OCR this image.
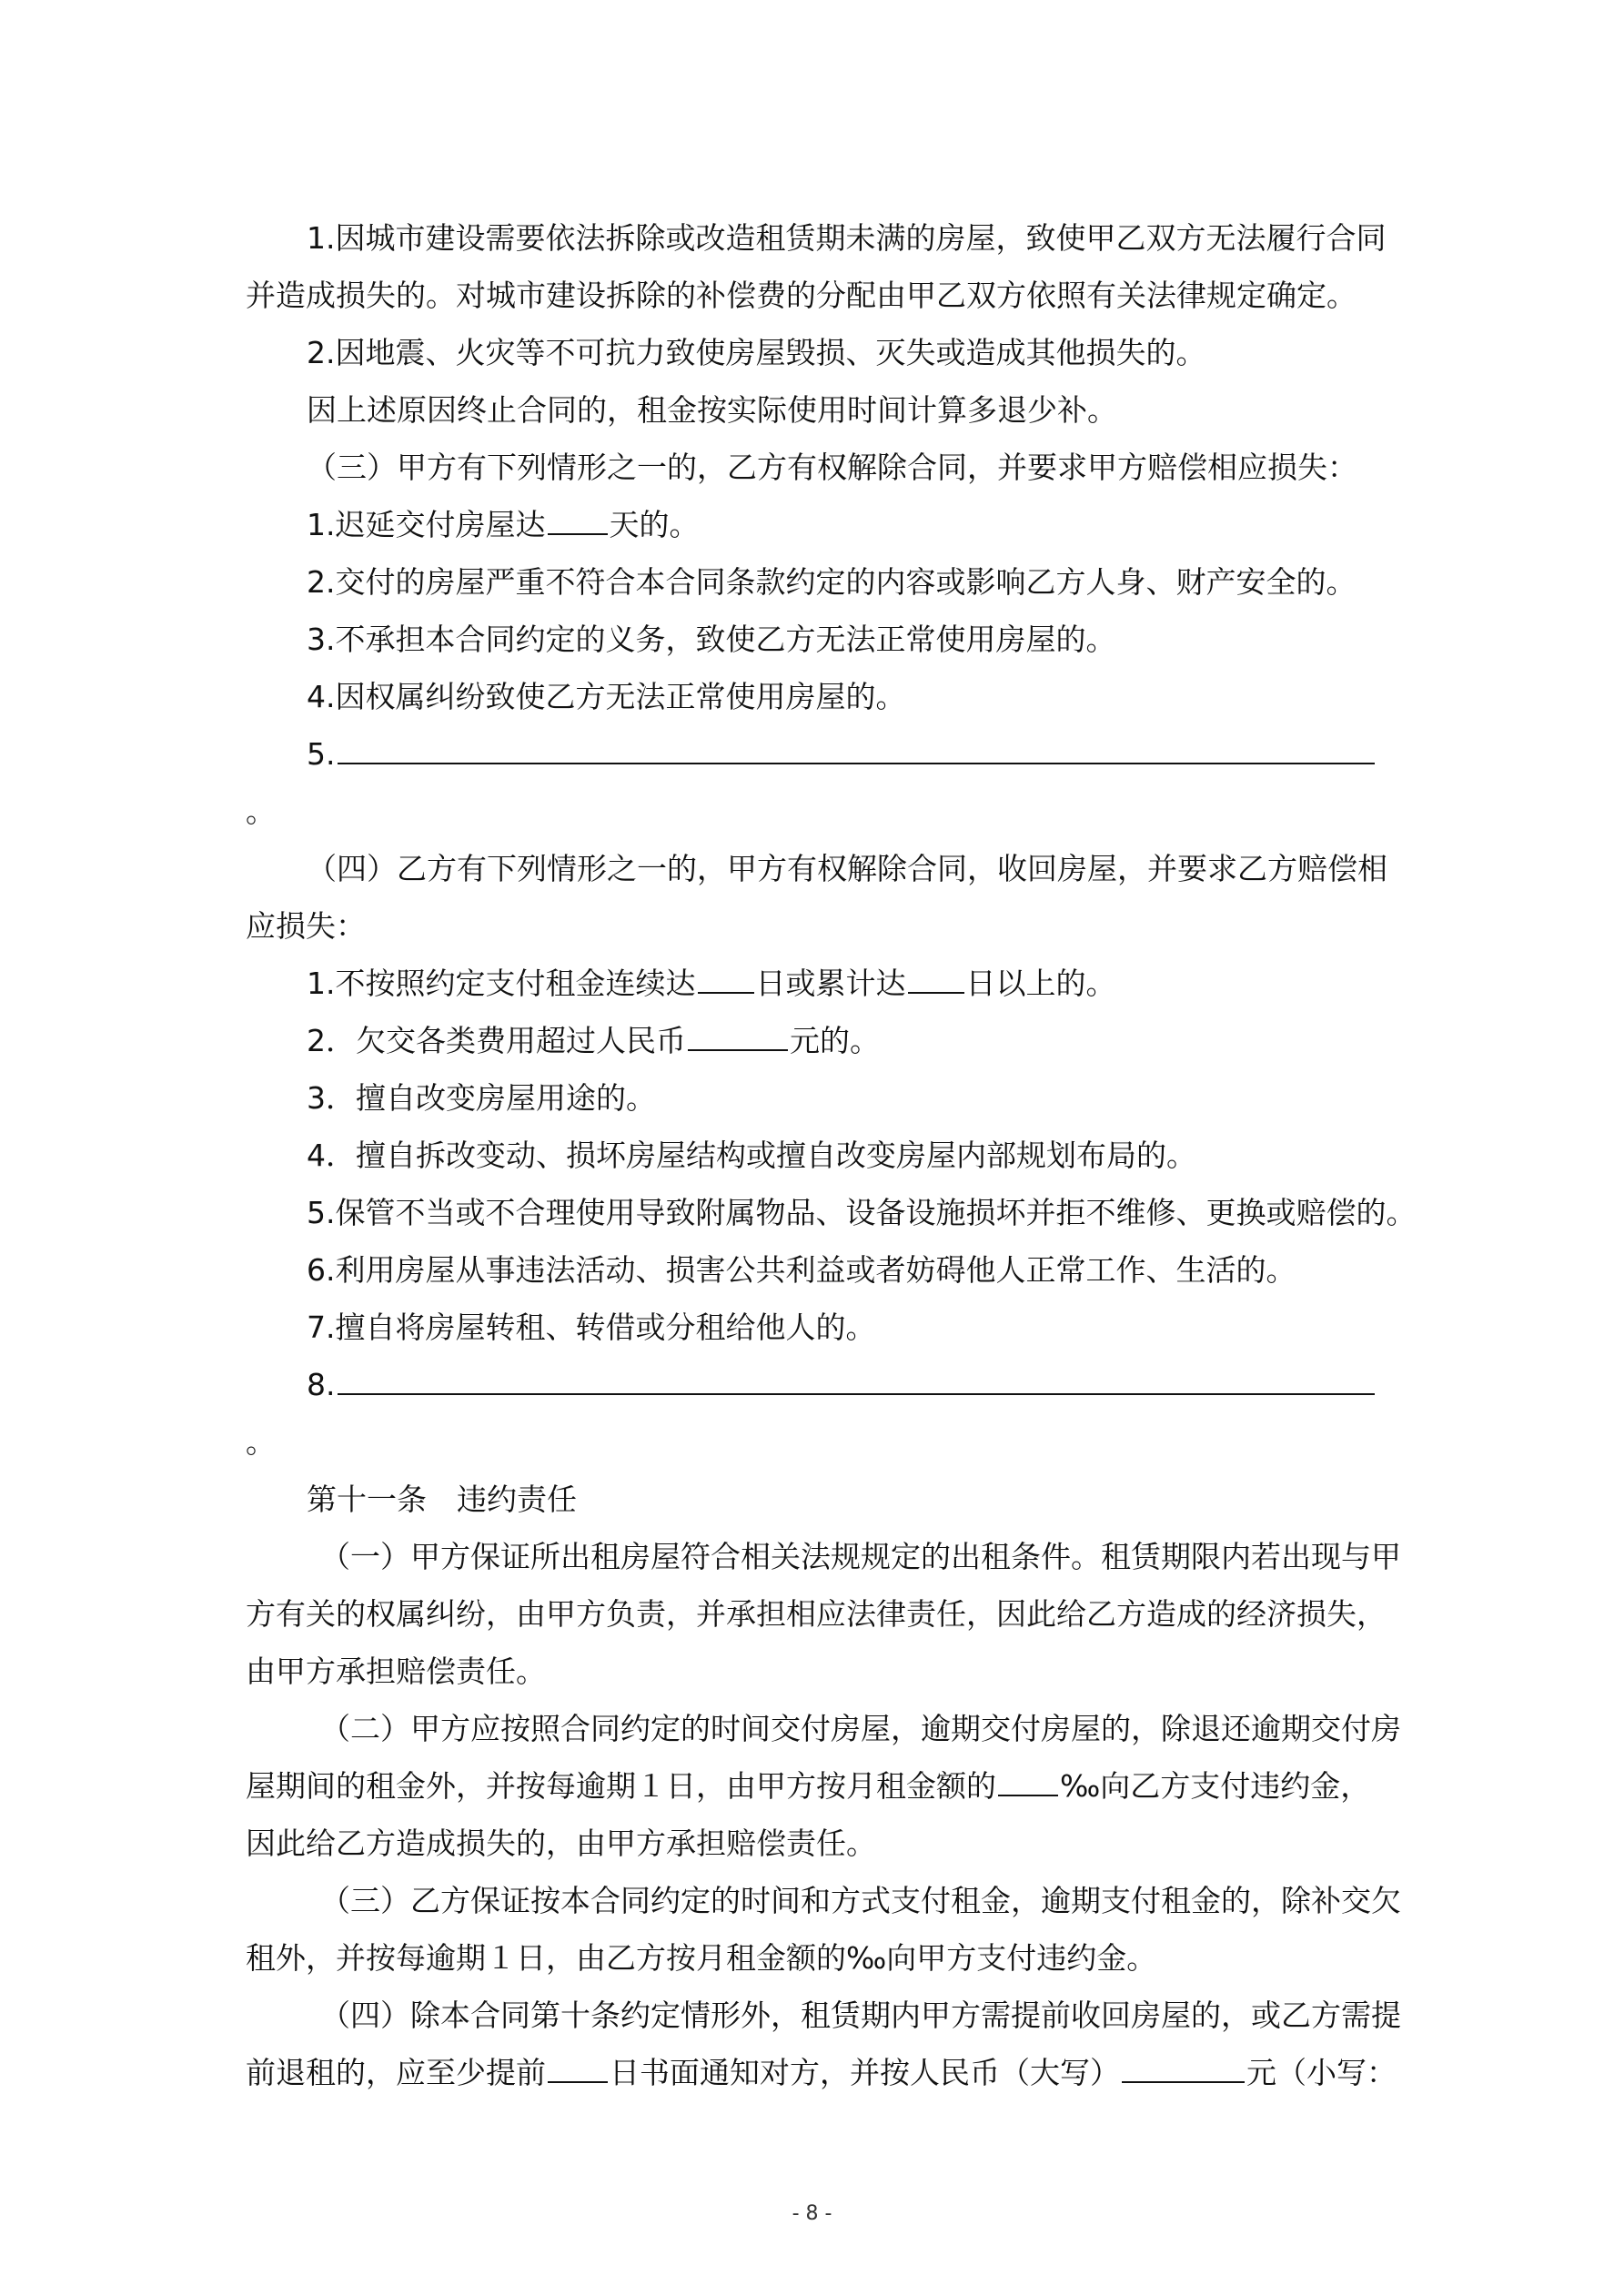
1.因城市建设需要依法拆除或改造租赁期未满的房屋，致使甲乙双方无法履行合同
并造成损失的。对城市建设拆除的补偿费的分配由甲乙双方依照有关法律规定确定。
2.因地震、火灾等不可抗力致使房屋毁损、灭失或造成其他损失的。
因上述原因终止合同的，租金按实际使用时间计算多退少补。
（三）甲方有下列情形之一的，乙方有权解除合同，并要求甲方赔偿相应损失：
1.迟延交付房屋达 天的。
2.交付的房屋严重不符合本合同条款约定的内容或影响乙方人身、财产安全的。
3.不承担本合同约定的义务，致使乙方无法正常使用房屋的。
4.因权属纠纷致使乙方无法正常使用房屋的。
5.
。
（四）乙方有下列情形之一的，甲方有权解除合同，收回房屋，并要求乙方赔偿相
应损失：
1.不按照约定支付租金连续达 日或累计达 日以上的。
2．欠交各类费用超过人民币	元的。
3．擅自改变房屋用途的。
4．擅自拆改变动、损坏房屋结构或擅自改变房屋内部规划布局的。
5.保管不当或不合理使用导致附属物品、设备设施损坏并拒不维修、更换或赔偿的。
6.利用房屋从事违法活动、损害公共利益或者妨碍他人正常工作、生活的。
7.擅自将房屋转租、转借或分租给他人的。
8.
。
第十一条　违约责任
（一）甲方保证所出租房屋符合相关法规规定的出租条件。租赁期限内若出现与甲
方有关的权属纠纷，由甲方负责，并承担相应法律责任，因此给乙方造成的经济损失，
由甲方承担赔偿责任。
（二）甲方应按照合同约定的时间交付房屋，逾期交付房屋的，除退还逾期交付房
屋期间的租金外，并按每逾期１日，由甲方按月租金额的 ‰向乙方支付违约金，
因此给乙方造成损失的，由甲方承担赔偿责任。
（三）乙方保证按本合同约定的时间和方式支付租金，逾期支付租金的，除补交欠
租外，并按每逾期１日，由乙方按月租金额的‰向甲方支付违约金。
（四）除本合同第十条约定情形外，租赁期内甲方需提前收回房屋的，或乙方需提
前退租的，应至少提前 日书面通知对方，并按人民币（大写）	元（小写：
- 8 -
